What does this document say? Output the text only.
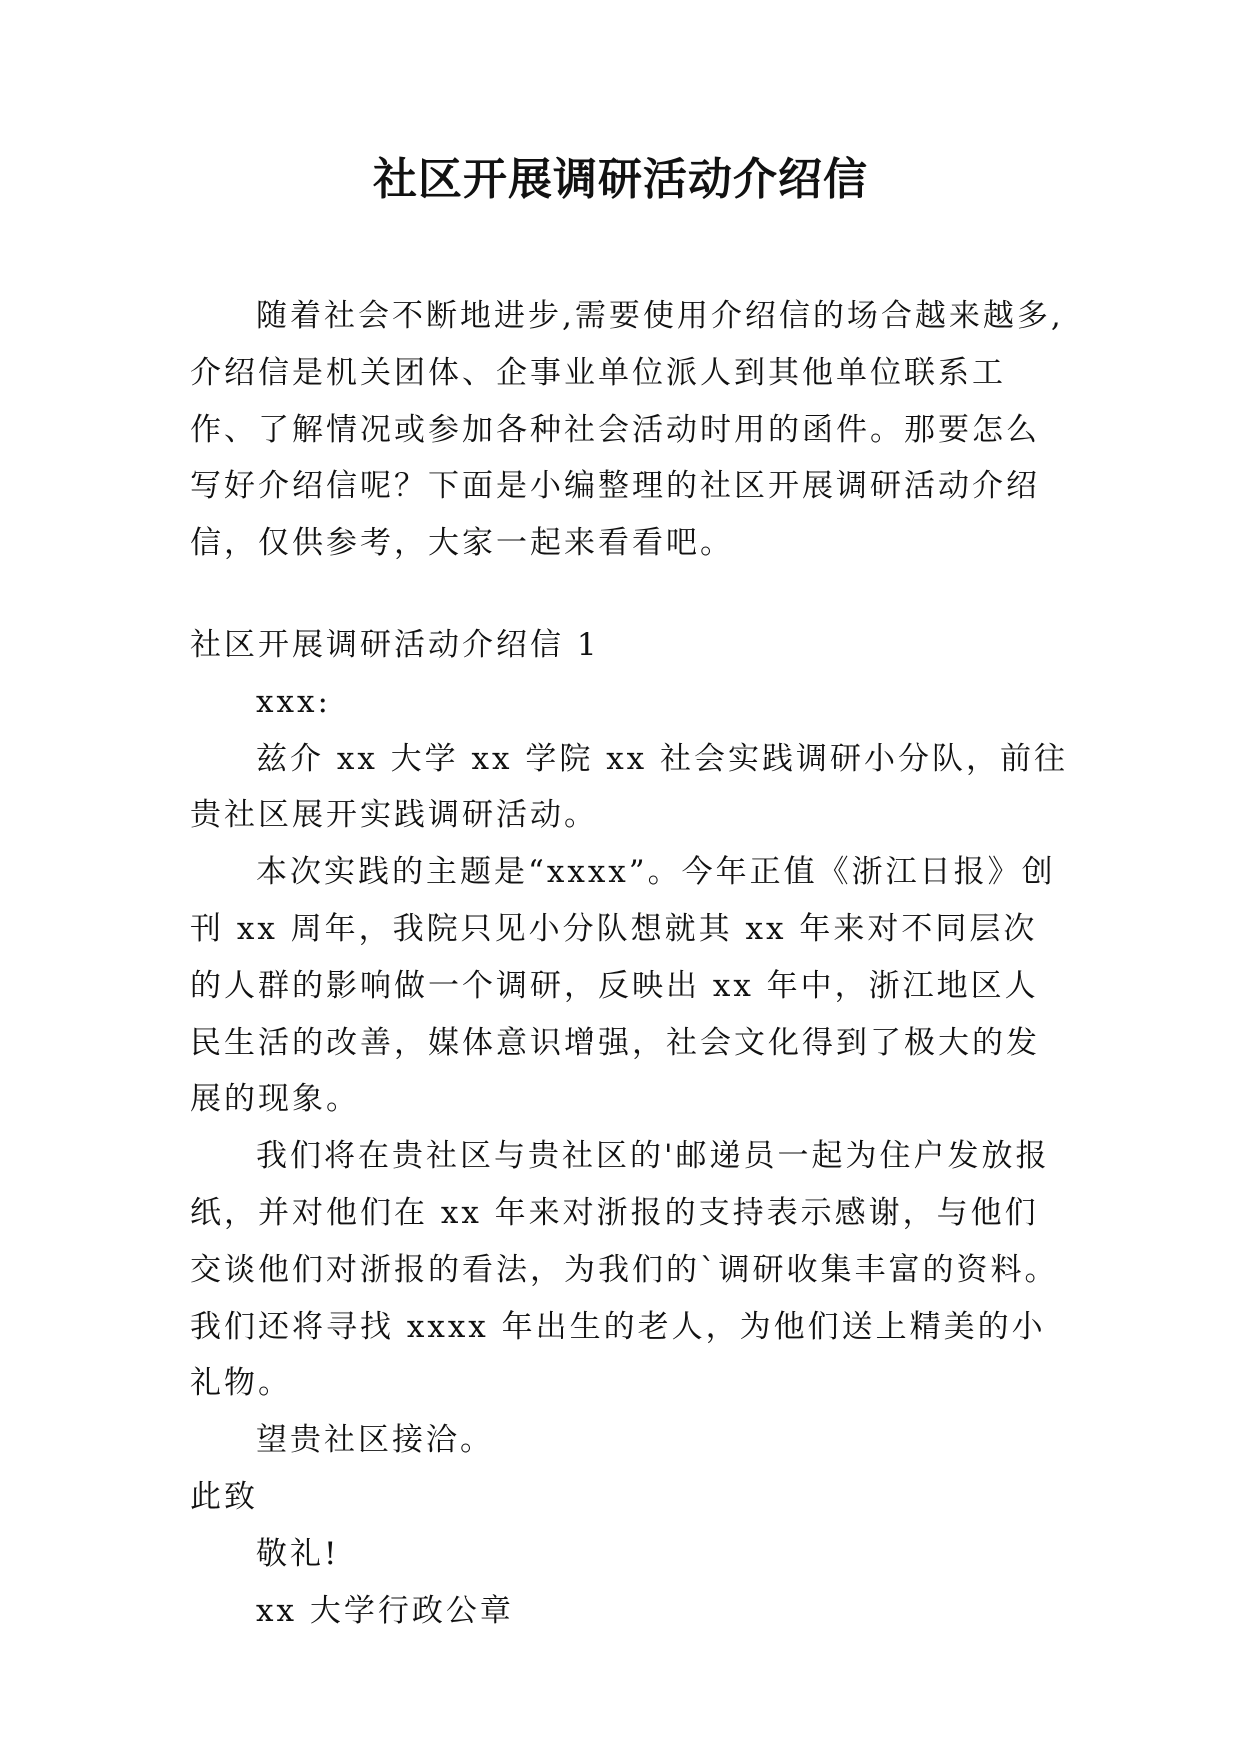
社区开展调研活动介绍信

随着社会不断地进步,需要使用介绍信的场合越来越多,介绍信是机关团体、企事业单位派人到其他单位联系工作、了解情况或参加各种社会活动时用的函件。那要怎么写好介绍信呢？下面是小编整理的社区开展调研活动介绍信，仅供参考，大家一起来看看吧。

社区开展调研活动介绍信 1

xxx:

兹介 xx 大学 xx 学院 xx 社会实践调研小分队，前往贵社区展开实践调研活动。

本次实践的主题是“xxxx”。今年正值《浙江日报》创刊 xx 周年，我院只见小分队想就其 xx 年来对不同层次的人群的影响做一个调研，反映出 xx 年中，浙江地区人民生活的改善，媒体意识增强，社会文化得到了极大的发展的现象。

我们将在贵社区与贵社区的'邮递员一起为住户发放报纸，并对他们在 xx 年来对浙报的支持表示感谢，与他们交谈他们对浙报的看法，为我们的`调研收集丰富的资料。我们还将寻找 xxxx 年出生的老人，为他们送上精美的小礼物。

望贵社区接洽。

此致

敬礼!

xx 大学行政公章
